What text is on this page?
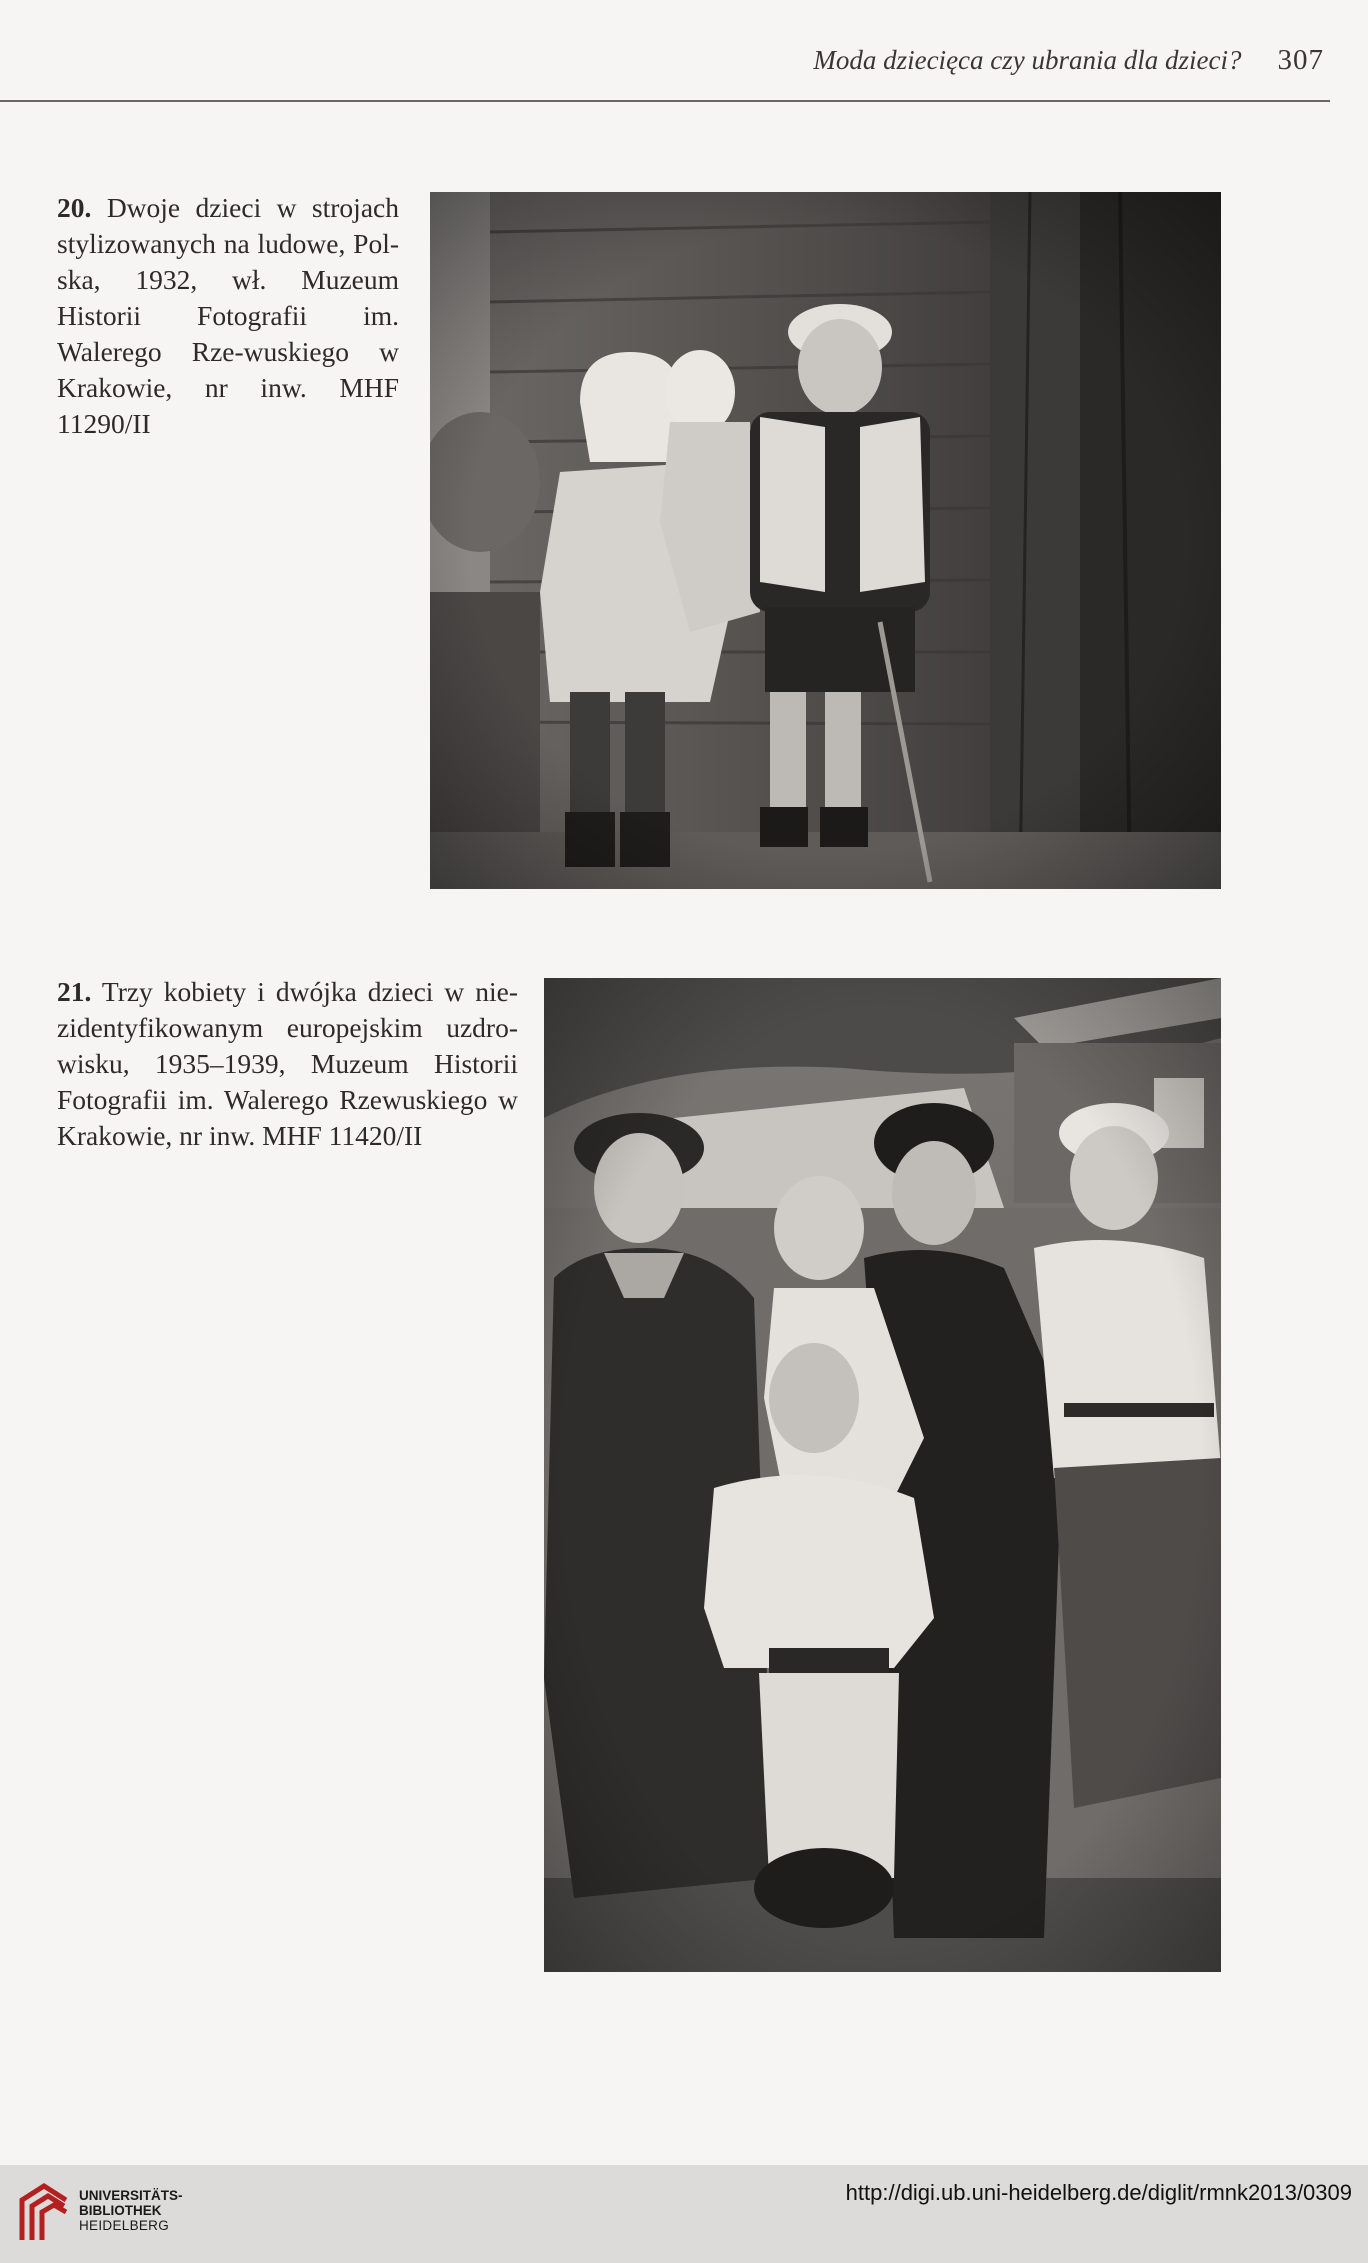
Moda dziecięca czy ubrania dla dzieci? 307
20. Dwoje dzieci w strojach stylizowanych na ludowe, Pol-ska, 1932, wł. Muzeum Historii Fotografii im. Walerego Rze-wuskiego w Krakowie, nr inw. MHF 11290/II
21. Trzy kobiety i dwójka dzieci w nie-zidentyfikowanym europejskim uzdro-wisku, 1935–1939, Muzeum Historii Fotografii im. Walerego Rzewuskiego w Krakowie, nr inw. MHF 11420/II
UNIVERSITÄTS-
BIBLIOTHEK
HEIDELBERG
http://digi.ub.uni-heidelberg.de/diglit/rmnk2013/0309
